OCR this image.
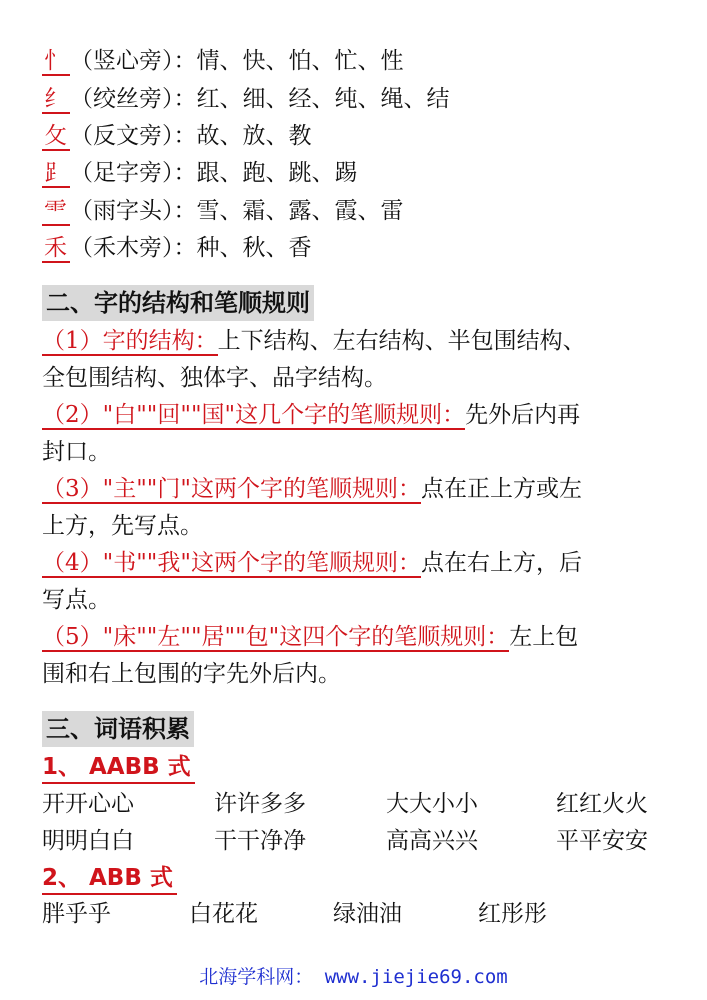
忄 （竖心旁）：情、快、怕、忙、性
纟 （绞丝旁）：红、细、经、纯、绳、结
攵 （反文旁）：故、放、教
⻊ （足字旁）：跟、跑、跳、踢
⻗ （雨字头）：雪、霜、露、霞、雷
禾 （禾木旁）：种、秋、香
二、字的结构和笔顺规则
（1）字的结构：上下结构、左右结构、半包围结构、
全包围结构、独体字、品字结构。
（2）"白""回""国"这几个字的笔顺规则：先外后内再
封口。
（3）"主""门"这两个字的笔顺规则：点在正上方或左
上方，先写点。
（4）"书""我"这两个字的笔顺规则：点在右上方，后
写点。
（5）"床""左""居""包"这四个字的笔顺规则：左上包
围和右上包围的字先外后内。
三、词语积累
1、 AABB 式
开开心心	许许多多	大大小小	红红火火
明明白白	干干净净	高高兴兴	平平安安
2、 ABB 式
胖乎乎	白花花	绿油油	红彤彤
北海学科网： www.jiejie69.com
